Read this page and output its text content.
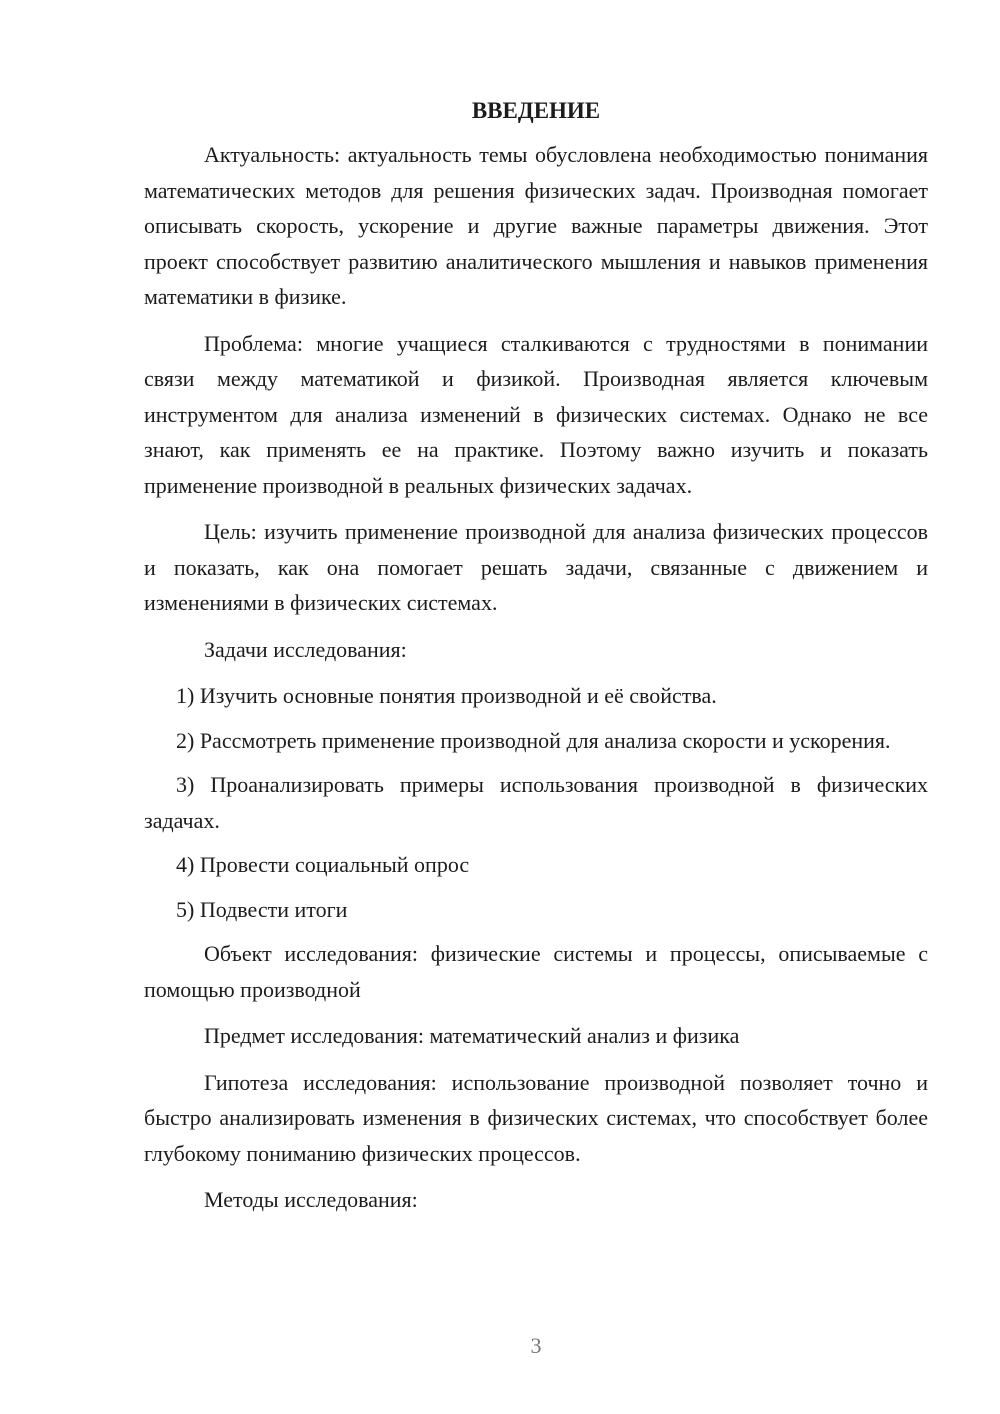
ВВЕДЕНИЕ

Актуальность: актуальность темы обусловлена необходимостью понимания математических методов для решения физических задач. Производная помогает описывать скорость, ускорение и другие важные параметры движения. Этот проект способствует развитию аналитического мышления и навыков применения математики в физике.

Проблема: многие учащиеся сталкиваются с трудностями в понимании связи между математикой и физикой. Производная является ключевым инструментом для анализа изменений в физических системах. Однако не все знают, как применять ее на практике. Поэтому важно изучить и показать применение производной в реальных физических задачах.

Цель: изучить применение производной для анализа физических процессов и показать, как она помогает решать задачи, связанные с движением и изменениями в физических системах.

Задачи исследования:

1) Изучить основные понятия производной и её свойства.

2) Рассмотреть применение производной для анализа скорости и ускорения.

3) Проанализировать примеры использования производной в физических задачах.

4) Провести социальный опрос

5) Подвести итоги

Объект исследования: физические системы и процессы, описываемые с помощью производной

Предмет исследования: математический анализ и физика

Гипотеза исследования: использование производной позволяет точно и быстро анализировать изменения в физических системах, что способствует более глубокому пониманию физических процессов.

Методы исследования:

3
